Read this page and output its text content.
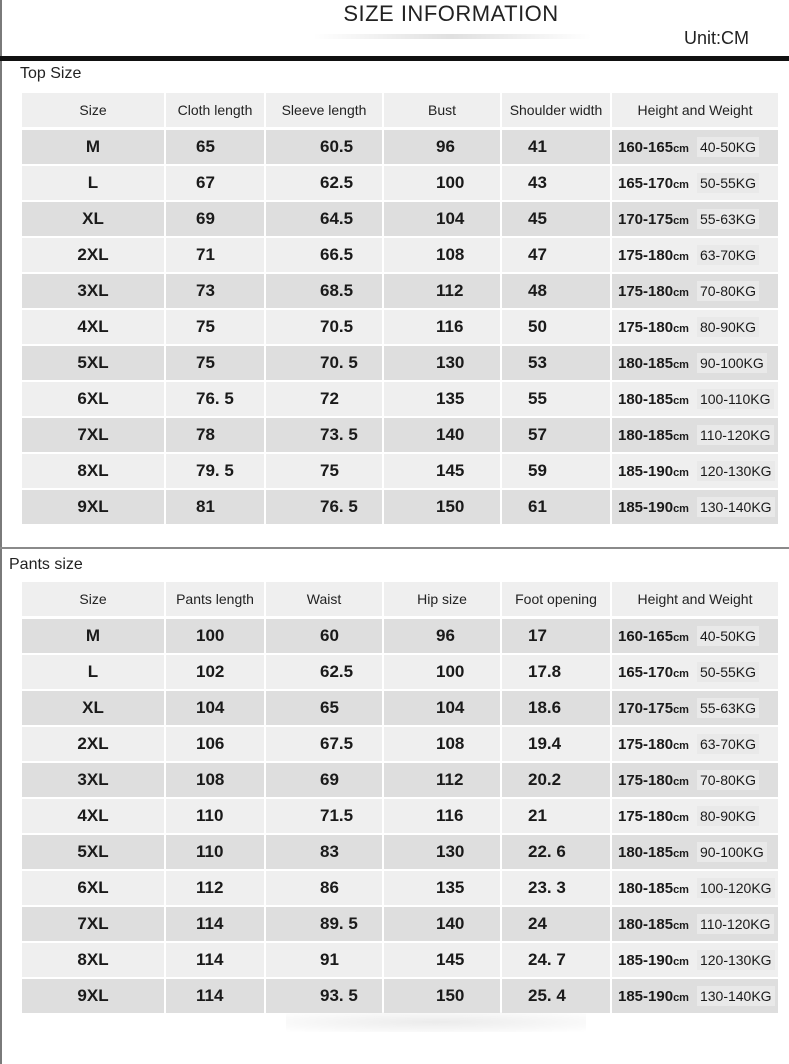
SIZE INFORMATION
Unit:CM
Top Size
Pants size
Size	Cloth length	Sleeve length	Bust	Shoulder width	Height and Weight
M	65	60.5	96	41	160-165cm 40-50KG
L	67	62.5	100	43	165-170cm 50-55KG
XL	69	64.5	104	45	170-175cm 55-63KG
2XL	71	66.5	108	47	175-180cm 63-70KG
3XL	73	68.5	112	48	175-180cm 70-80KG
4XL	75	70.5	116	50	175-180cm 80-90KG
5XL	75	70. 5	130	53	180-185cm 90-100KG
6XL	76. 5	72	135	55	180-185cm 100-110KG
7XL	78	73. 5	140	57	180-185cm 110-120KG
8XL	79. 5	75	145	59	185-190cm 120-130KG
9XL	81	76. 5	150	61	185-190cm 130-140KG
Size	Pants length	Waist	Hip size	Foot opening	Height and Weight
M	100	60	96	17	160-165cm 40-50KG
L	102	62.5	100	17.8	165-170cm 50-55KG
XL	104	65	104	18.6	170-175cm 55-63KG
2XL	106	67.5	108	19.4	175-180cm 63-70KG
3XL	108	69	112	20.2	175-180cm 70-80KG
4XL	110	71.5	116	21	175-180cm 80-90KG
5XL	110	83	130	22. 6	180-185cm 90-100KG
6XL	112	86	135	23. 3	180-185cm 100-120KG
7XL	114	89. 5	140	24	180-185cm 110-120KG
8XL	114	91	145	24. 7	185-190cm 120-130KG
9XL	114	93. 5	150	25. 4	185-190cm 130-140KG
